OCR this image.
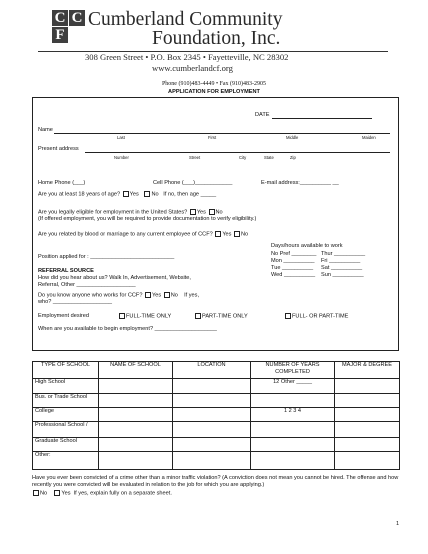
C C
F
Cumberland Community
Foundation, Inc.
308 Green Street • P.O. Box 2345 • Fayetteville, NC 28302
www.cumberlandcf.org
Phone (910)483-4449 • Fax (910)483-2905
APPLICATION FOR EMPLOYMENT
DATE
Name
Last	First	Middle	Maiden
Present address
Number	Street	City	State	Zip
Home Phone (___)	Cell Phone (___)____________	E-mail address:__________ __
Are you at least 18 years of age? Yes No If no, then age _____
Are you legally eligible for employment in the United States? Yes No
(If offered employment, you will be required to provide documentation to verify eligibility.)
Are you related by blood or marriage to any current employee of CCF? Yes No
Days/hours available to work
No Pref ________ Thur __________
Mon __________ Fri __________
Tue __________ Sat __________
Wed __________ Sun __________
Position applied for : ___________________________
REFERRAL SOURCE
How did you hear about us? Walk In, Advertisement, Website,
Referral, Other ___________________
Do you know anyone who works for CCF? Yes No If yes,
who? ___________________
Employment desired	FULL-TIME ONLY	PART-TIME ONLY	FULL- OR PART-TIME
When are you available to begin employment? ____________________
TYPE OF SCHOOL	NAME OF SCHOOL	LOCATION	NUMBER OF YEARS COMPLETED	MAJOR & DEGREE
High School			12 Other _____	
Bus. or Trade School				
College			1 2 3 4	
Professional School /				
Graduate School				
Other:				
Have you ever been convicted of a crime other than a minor traffic violation? (A conviction does not mean you cannot be hired. The offense and how recently you were convicted will be evaluated in relation to the job for which you are applying.)
No	Yes If yes, explain fully on a separate sheet.
1
